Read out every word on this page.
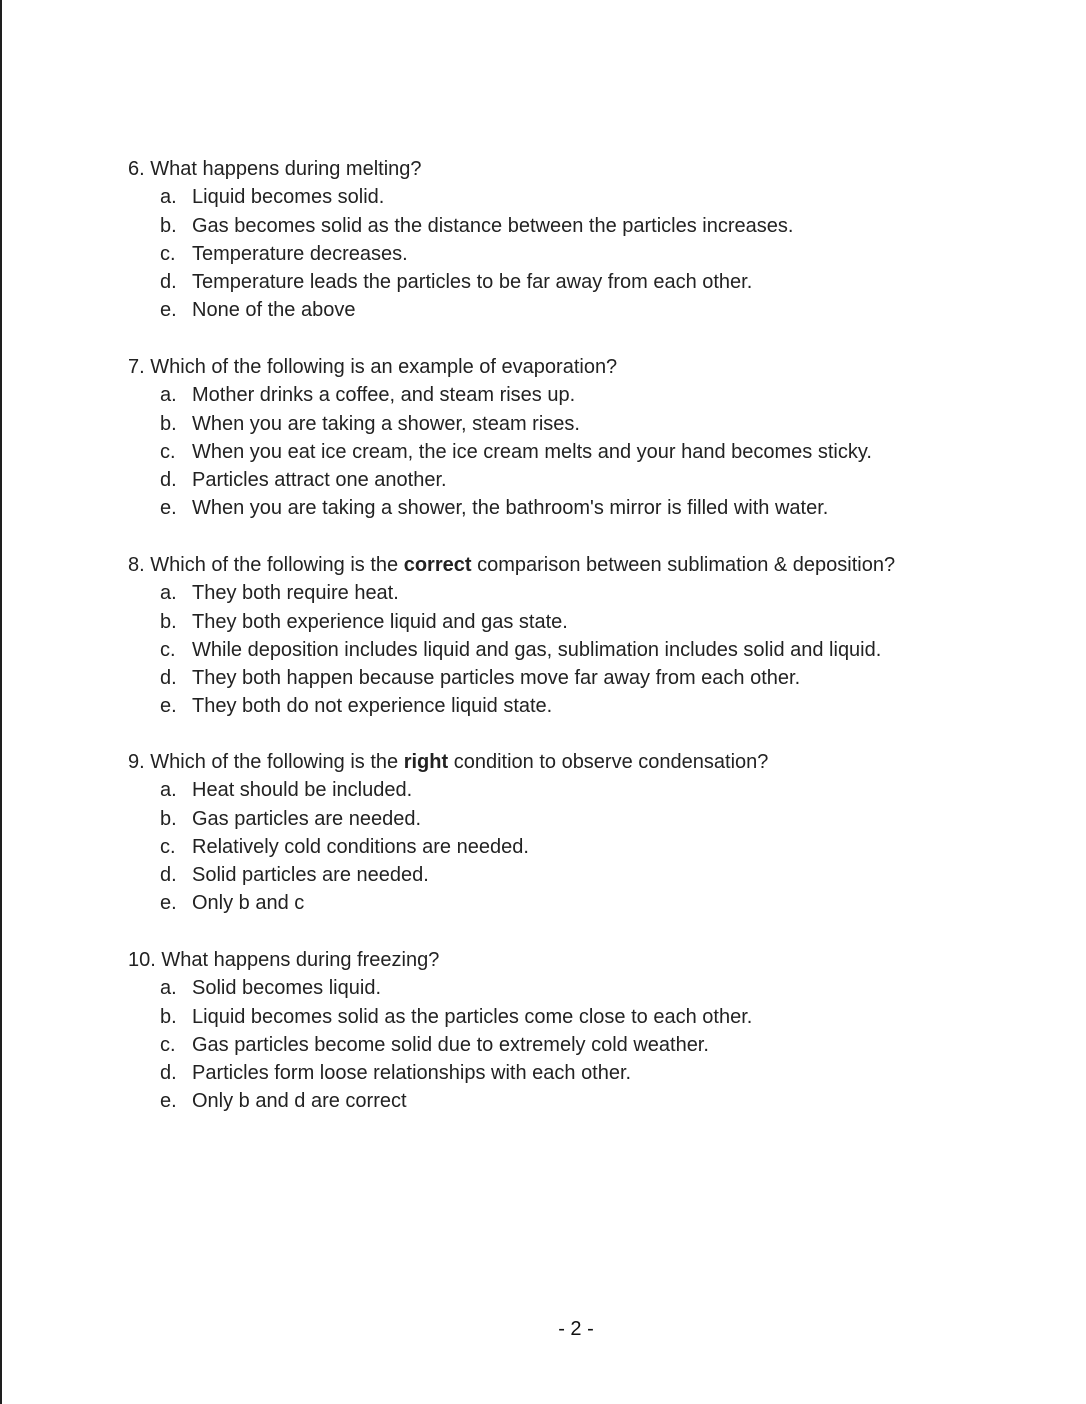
6. What happens during melting?
a. Liquid becomes solid.
b. Gas becomes solid as the distance between the particles increases.
c. Temperature decreases.
d. Temperature leads the particles to be far away from each other.
e. None of the above
7. Which of the following is an example of evaporation?
a. Mother drinks a coffee, and steam rises up.
b. When you are taking a shower, steam rises.
c. When you eat ice cream, the ice cream melts and your hand becomes sticky.
d. Particles attract one another.
e. When you are taking a shower, the bathroom's mirror is filled with water.
8. Which of the following is the correct comparison between sublimation & deposition?
a. They both require heat.
b. They both experience liquid and gas state.
c. While deposition includes liquid and gas, sublimation includes solid and liquid.
d. They both happen because particles move far away from each other.
e. They both do not experience liquid state.
9. Which of the following is the right condition to observe condensation?
a. Heat should be included.
b. Gas particles are needed.
c. Relatively cold conditions are needed.
d. Solid particles are needed.
e. Only b and c
10. What happens during freezing?
a. Solid becomes liquid.
b. Liquid becomes solid as the particles come close to each other.
c. Gas particles become solid due to extremely cold weather.
d. Particles form loose relationships with each other.
e. Only b and d are correct
- 2 -
